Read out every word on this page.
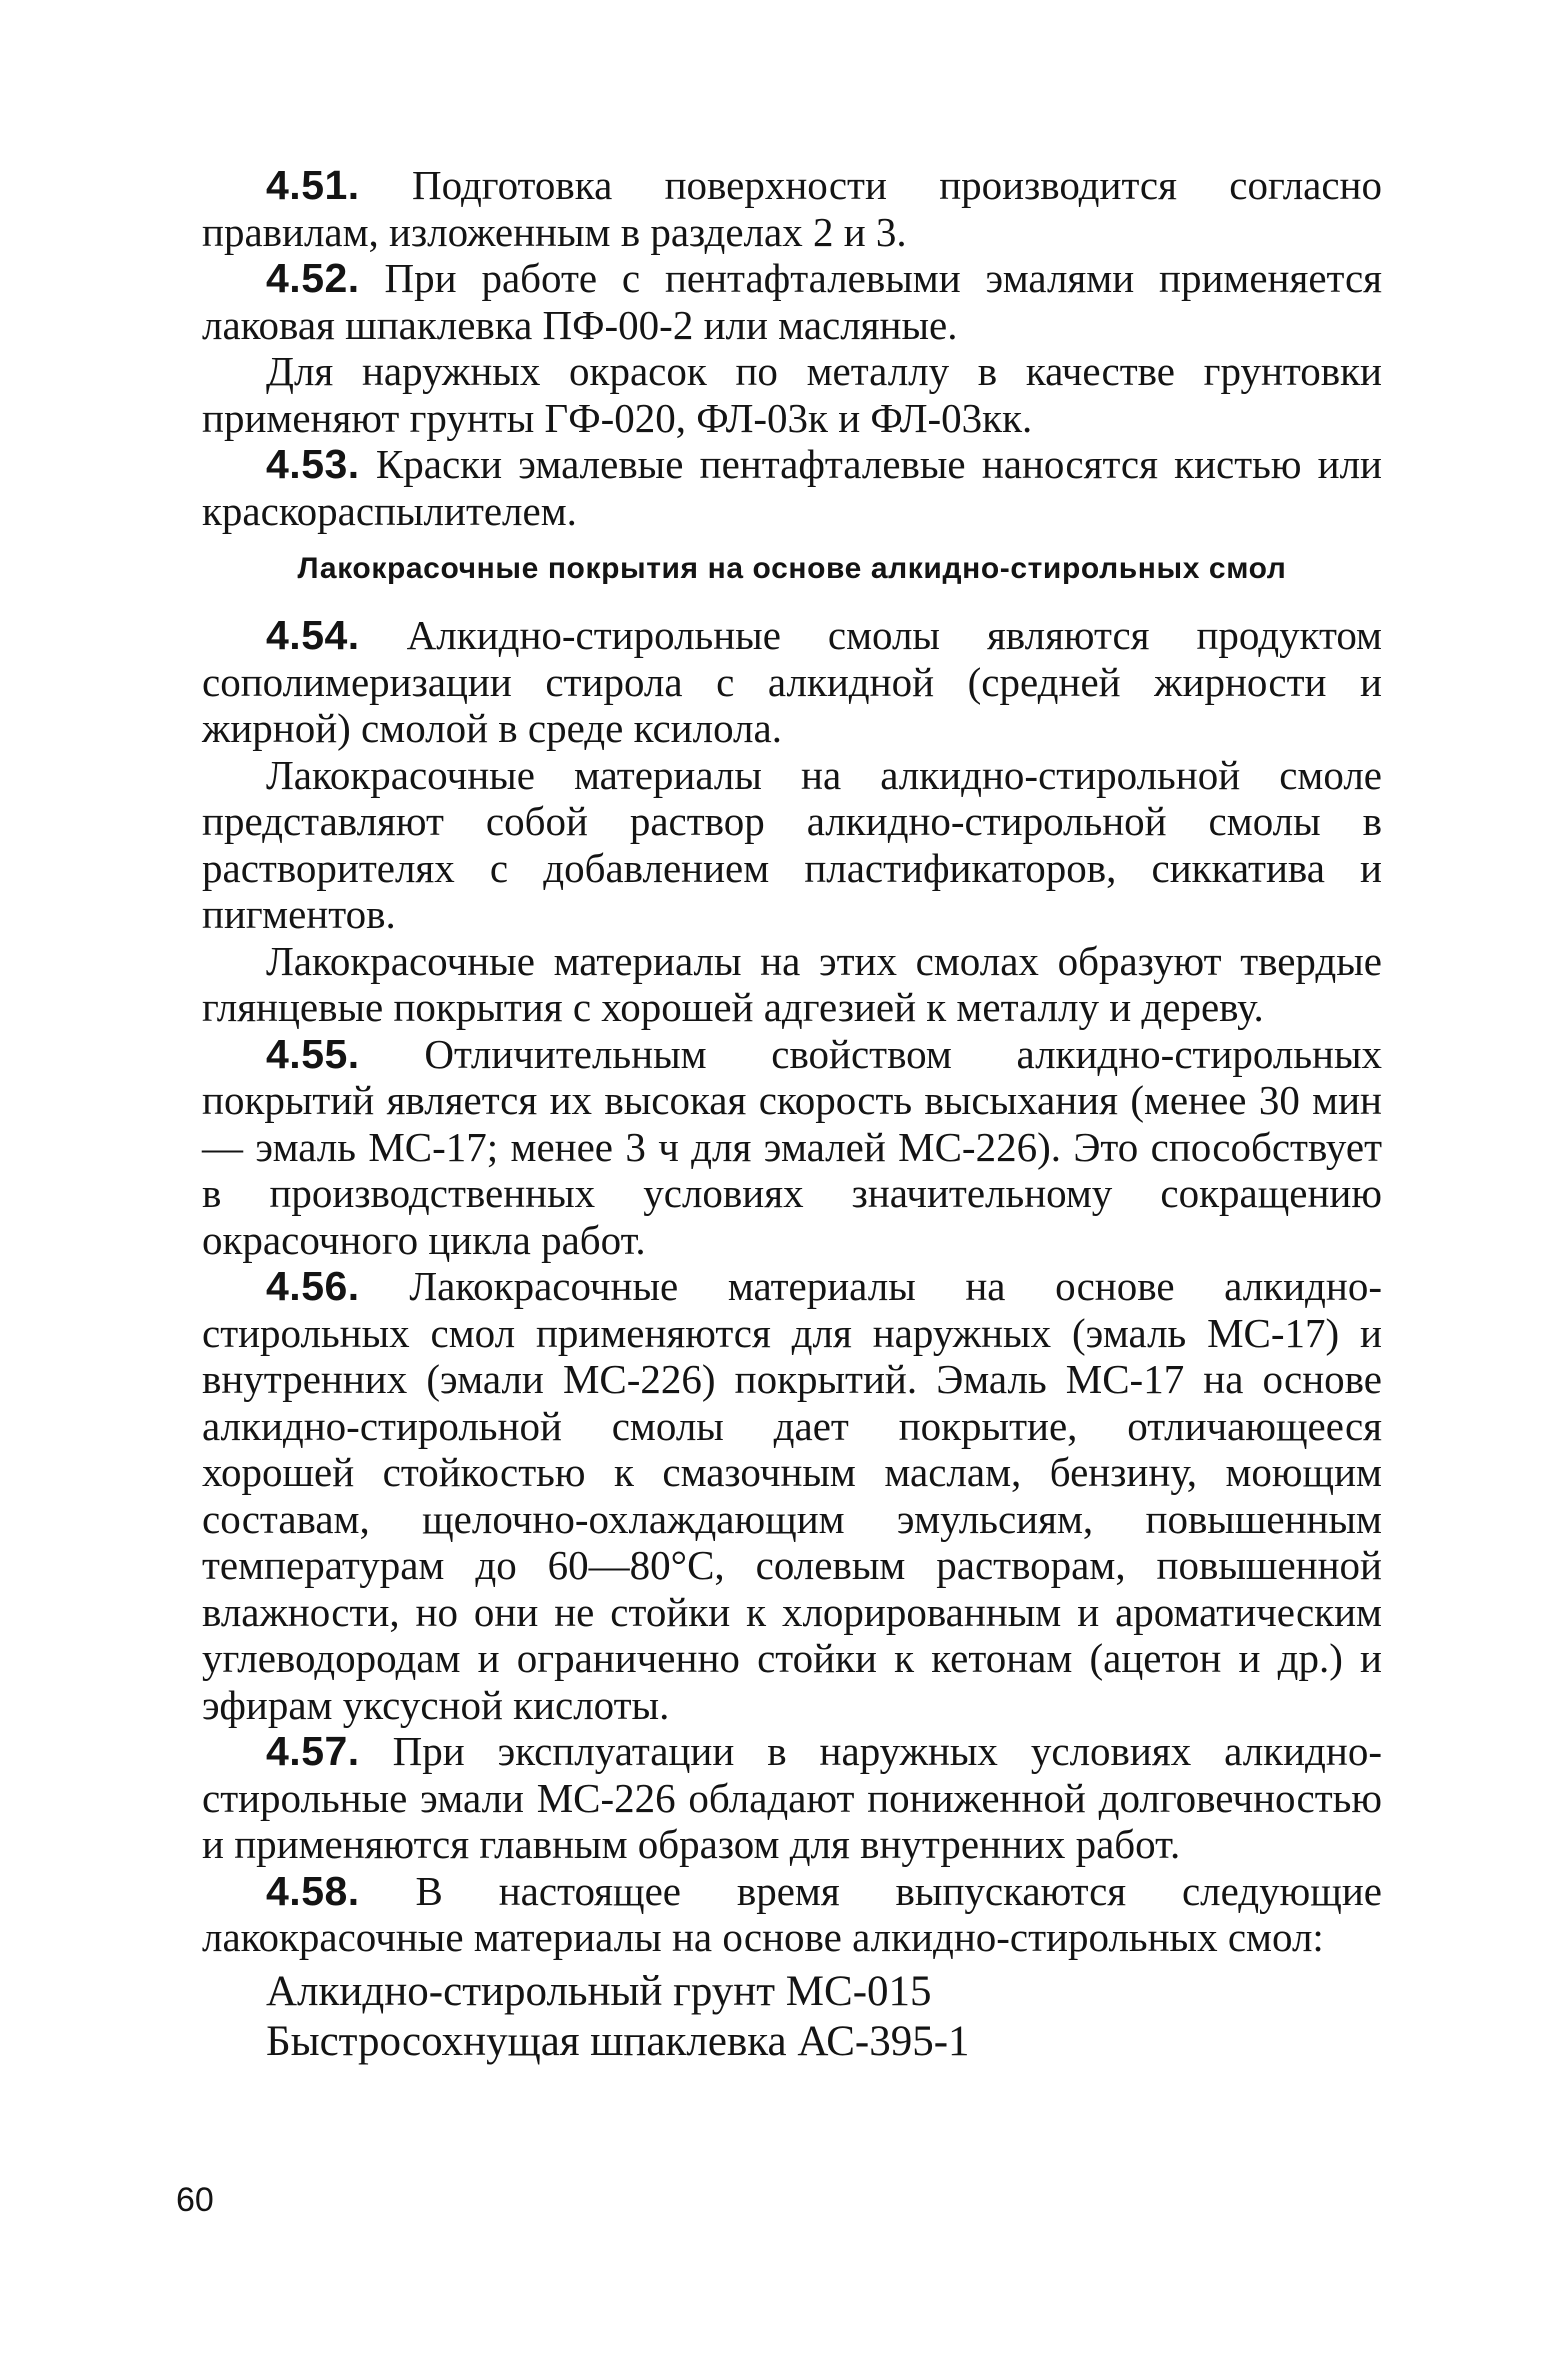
4.51. Подготовка поверхности производится согласно правилам, изложенным в разделах 2 и 3.

4.52. При работе с пентафталевыми эмалями применяется лаковая шпаклевка ПФ-00-2 или масляные.

Для наружных окрасок по металлу в качестве грунтовки применяют грунты ГФ-020, ФЛ-03к и ФЛ-03кк.

4.53. Краски эмалевые пентафталевые наносятся кистью или краскораспылителем.

Лакокрасочные покрытия на основе алкидно-стирольных смол

4.54. Алкидно-стирольные смолы являются продуктом сополимеризации стирола с алкидной (средней жирности и жирной) смолой в среде ксилола.

Лакокрасочные материалы на алкидно-стирольной смоле представляют собой раствор алкидно-стирольной смолы в растворителях с добавлением пластификаторов, сиккатива и пигментов.

Лакокрасочные материалы на этих смолах образуют твердые глянцевые покрытия с хорошей адгезией к металлу и дереву.

4.55. Отличительным свойством алкидно-стирольных покрытий является их высокая скорость высыхания (менее 30 мин — эмаль МС-17; менее 3 ч для эмалей МС-226). Это способствует в производственных условиях значительному сокращению окрасочного цикла работ.

4.56. Лакокрасочные материалы на основе алкидно-стирольных смол применяются для наружных (эмаль МС-17) и внутренних (эмали МС-226) покрытий. Эмаль МС-17 на основе алкидно-стирольной смолы дает покрытие, отличающееся хорошей стойкостью к смазочным маслам, бензину, моющим составам, щелочно-охлаждающим эмульсиям, повышенным температурам до 60—80°С, солевым растворам, повышенной влажности, но они не стойки к хлорированным и ароматическим углеводородам и ограниченно стойки к кетонам (ацетон и др.) и эфирам уксусной кислоты.

4.57. При эксплуатации в наружных условиях алкидно-стирольные эмали МС-226 обладают пониженной долговечностью и применяются главным образом для внутренних работ.

4.58. В настоящее время выпускаются следующие лакокрасочные материалы на основе алкидно-стирольных смол:

Алкидно-стирольный грунт МС-015

Быстросохнущая шпаклевка АС-395-1

60
